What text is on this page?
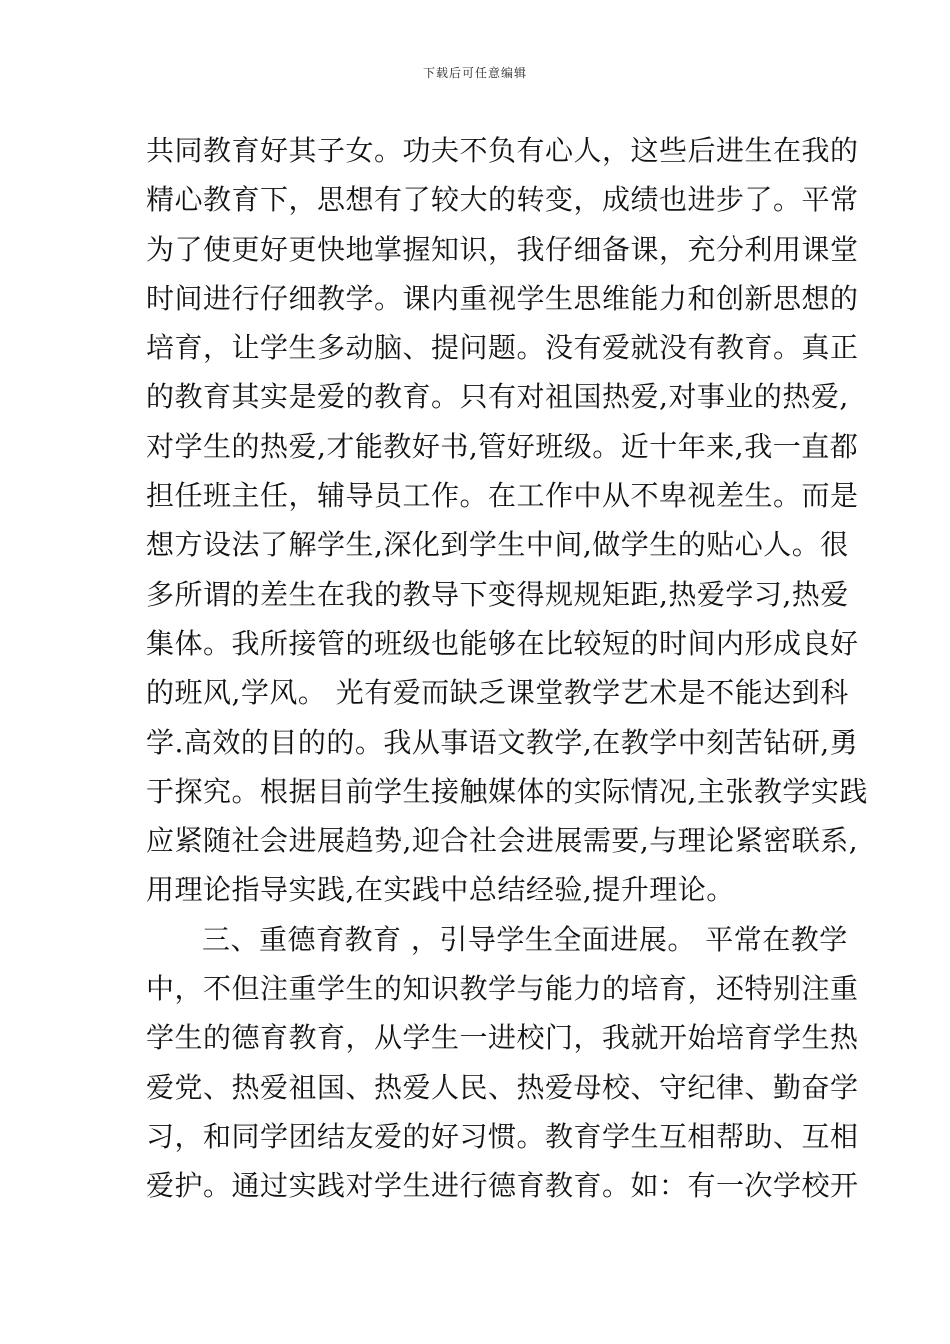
下载后可任意编辑
共同教育好其子女。功夫不负有心人，这些后进生在我的
精心教育下，思想有了较大的转变，成绩也进步了。平常
为了使更好更快地掌握知识，我仔细备课，充分利用课堂
时间进行仔细教学。课内重视学生思维能力和创新思想的
培育，让学生多动脑、提问题。没有爱就没有教育。真正
的教育其实是爱的教育。只有对祖国热爱,对事业的热爱,
对学生的热爱,才能教好书,管好班级。近十年来,我一直都
担任班主任，辅导员工作。在工作中从不卑视差生。而是
想方设法了解学生,深化到学生中间,做学生的贴心人。很
多所谓的差生在我的教导下变得规规矩距,热爱学习,热爱
集体。我所接管的班级也能够在比较短的时间内形成良好
的班风,学风。 光有爱而缺乏课堂教学艺术是不能达到科
学.高效的目的的。我从事语文教学,在教学中刻苦钻研,勇
于探究。根据目前学生接触媒体的实际情况,主张教学实践
应紧随社会进展趋势,迎合社会进展需要,与理论紧密联系,
用理论指导实践,在实践中总结经验,提升理论。
三、重德育教育 ，引导学生全面进展。 平常在教学
中，不但注重学生的知识教学与能力的培育，还特别注重
学生的德育教育，从学生一进校门，我就开始培育学生热
爱党、热爱祖国、热爱人民、热爱母校、守纪律、勤奋学
习，和同学团结友爱的好习惯。教育学生互相帮助、互相
爱护。通过实践对学生进行德育教育。如：有一次学校开
